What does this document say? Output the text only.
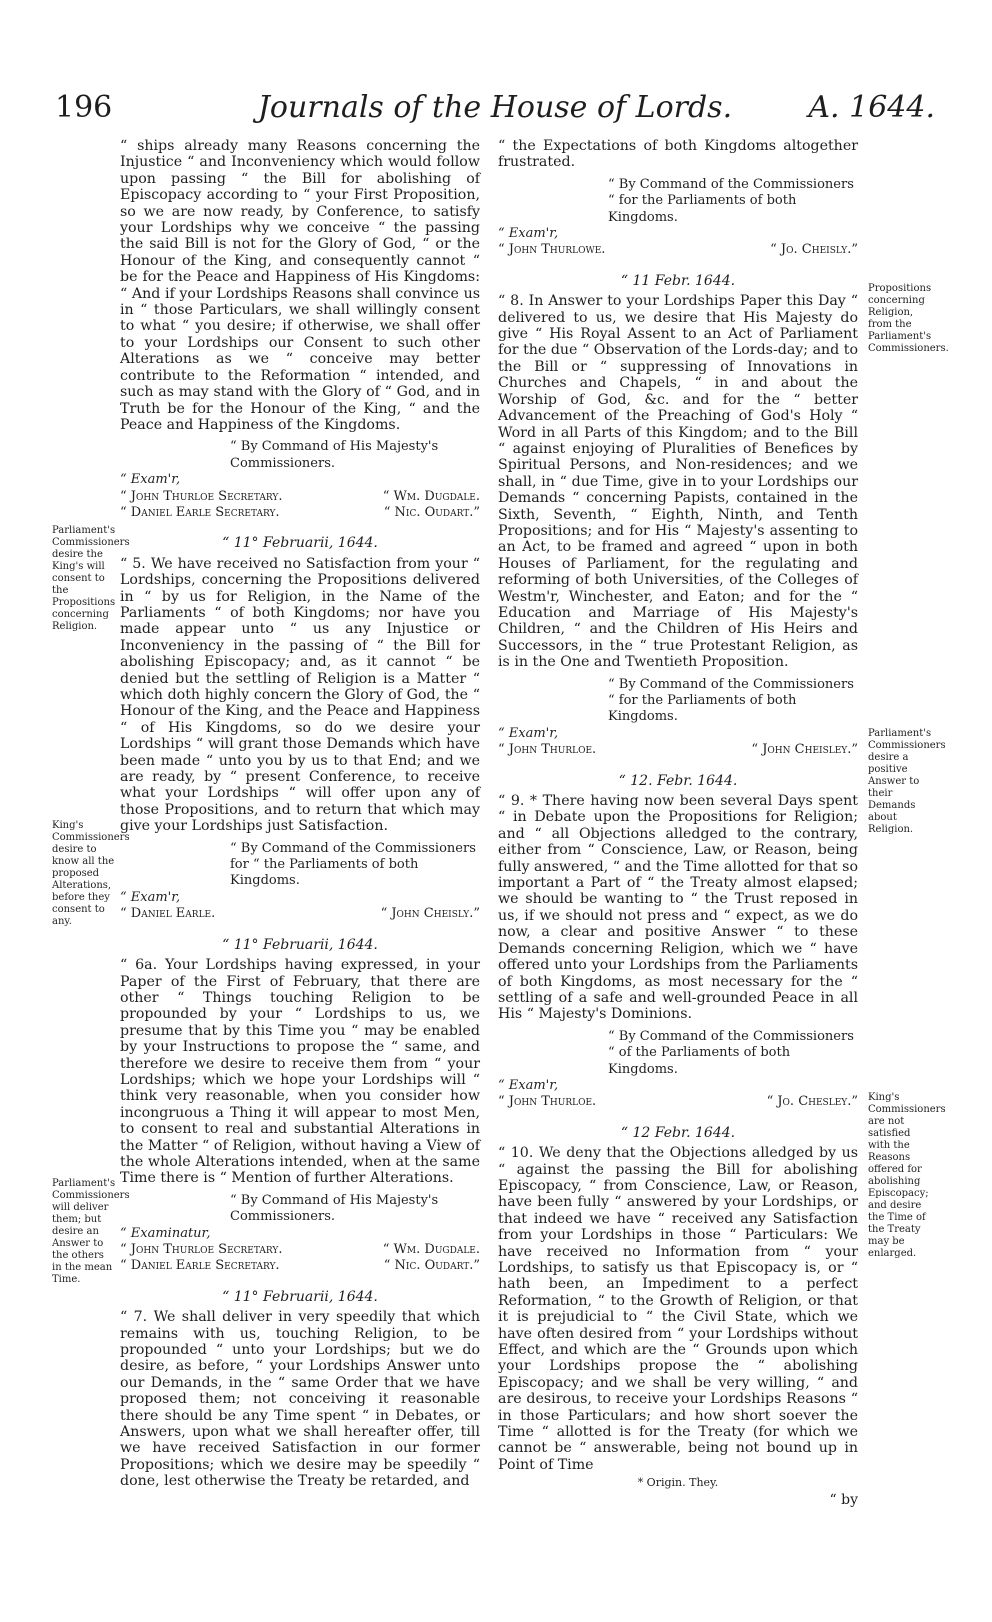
196	Journals of the House of Lords.	A. 1644.
Parliament's Commissioners desire the King's will consent to the Propositions concerning Religion.
King's Commissioners desire to know all the proposed Alterations, before they consent to any.
Parliament's Commissioners will deliver them; but desire an Answer to the others in the mean Time.
Propositions concerning Religion, from the Parliament's Commissioners.
Parliament's Commissioners desire a positive Answer to their Demands about Religion.
King's Commissioners are not satisfied with the Reasons offered for abolishing Episcopacy; and desire the Time of the Treaty may be enlarged.

“ ships already many Reasons concerning the Injustice “ and Inconveniency which would follow upon passing “ the Bill for abolishing of Episcopacy according to “ your First Proposition, so we are now ready, by Conference, to satisfy your Lordships why we conceive “ the passing the said Bill is not for the Glory of God, “ or the Honour of the King, and consequently cannot “ be for the Peace and Happiness of His Kingdoms: “ And if your Lordships Reasons shall convince us in “ those Particulars, we shall willingly consent to what “ you desire; if otherwise, we shall offer to your Lordships our Consent to such other Alterations as we “ conceive may better contribute to the Reformation “ intended, and such as may stand with the Glory of “ God, and in Truth be for the Honour of the King, “ and the Peace and Happiness of the Kingdoms.

“ By Command of His Majesty's Commissioners.
“ Exam'r,
“ John Thurloe Secretary.	“ Wm. Dugdale.
“ Daniel Earle Secretary.	“ Nic. Oudart.”
“ 11° Februarii, 1644.

“ 5. We have received no Satisfaction from your “ Lordships, concerning the Propositions delivered in “ by us for Religion, in the Name of the Parliaments “ of both Kingdoms; nor have you made appear unto “ us any Injustice or Inconveniency in the passing of “ the Bill for abolishing Episcopacy; and, as it cannot “ be denied but the settling of Religion is a Matter “ which doth highly concern the Glory of God, the “ Honour of the King, and the Peace and Happiness “ of His Kingdoms, so do we desire your Lordships “ will grant those Demands which have been made “ unto you by us to that End; and we are ready, by “ present Conference, to receive what your Lordships “ will offer upon any of those Propositions, and to return that which may give your Lordships just Satisfaction.

“ By Command of the Commissioners for “ the Parliaments of both Kingdoms.
“ Exam'r,
“ Daniel Earle.	“ John Cheisly.”
“ 11° Februarii, 1644.

“ 6a. Your Lordships having expressed, in your Paper of the First of February, that there are other “ Things touching Religion to be propounded by your “ Lordships to us, we presume that by this Time you “ may be enabled by your Instructions to propose the “ same, and therefore we desire to receive them from “ your Lordships; which we hope your Lordships will “ think very reasonable, when you consider how incongruous a Thing it will appear to most Men, to consent to real and substantial Alterations in the Matter “ of Religion, without having a View of the whole Alterations intended, when at the same Time there is “ Mention of further Alterations.

“ By Command of His Majesty's Commissioners.
“ Examinatur,
“ John Thurloe Secretary.	“ Wm. Dugdale.
“ Daniel Earle Secretary.	“ Nic. Oudart.”
“ 11° Februarii, 1644.

“ 7. We shall deliver in very speedily that which remains with us, touching Religion, to be propounded “ unto your Lordships; but we do desire, as before, “ your Lordships Answer unto our Demands, in the “ same Order that we have proposed them; not conceiving it reasonable there should be any Time spent “ in Debates, or Answers, upon what we shall hereafter offer, till we have received Satisfaction in our former Propositions; which we desire may be speedily “ done, lest otherwise the Treaty be retarded, and

“ the Expectations of both Kingdoms altogether frustrated.

“ By Command of the Commissioners “ for the Parliaments of both Kingdoms.
“ Exam'r,
“ John Thurlowe.	“ Jo. Cheisly.”
“ 11 Febr. 1644.

“ 8. In Answer to your Lordships Paper this Day “ delivered to us, we desire that His Majesty do give “ His Royal Assent to an Act of Parliament for the due “ Observation of the Lords-day; and to the Bill or “ suppressing of Innovations in Churches and Chapels, “ in and about the Worship of God, &c. and for the “ better Advancement of the Preaching of God's Holy “ Word in all Parts of this Kingdom; and to the Bill “ against enjoying of Pluralities of Benefices by Spiritual Persons, and Non-residences; and we shall, in “ due Time, give in to your Lordships our Demands “ concerning Papists, contained in the Sixth, Seventh, “ Eighth, Ninth, and Tenth Propositions; and for His “ Majesty's assenting to an Act, to be framed and agreed “ upon in both Houses of Parliament, for the regulating and reforming of both Universities, of the Colleges of Westm'r, Winchester, and Eaton; and for the “ Education and Marriage of His Majesty's Children, “ and the Children of His Heirs and Successors, in the “ true Protestant Religion, as is in the One and Twentieth Proposition.

“ By Command of the Commissioners “ for the Parliaments of both Kingdoms.
“ Exam'r,
“ John Thurloe.	“ John Cheisley.”
“ 12. Febr. 1644.

“ 9. * There having now been several Days spent “ in Debate upon the Propositions for Religion; and “ all Objections alledged to the contrary, either from “ Conscience, Law, or Reason, being fully answered, “ and the Time allotted for that so important a Part of “ the Treaty almost elapsed; we should be wanting to “ the Trust reposed in us, if we should not press and “ expect, as we do now, a clear and positive Answer “ to these Demands concerning Religion, which we “ have offered unto your Lordships from the Parliaments of both Kingdoms, as most necessary for the “ settling of a safe and well-grounded Peace in all His “ Majesty's Dominions.

“ By Command of the Commissioners “ of the Parliaments of both Kingdoms.
“ Exam'r,
“ John Thurloe.	“ Jo. Chesley.”
“ 12 Febr. 1644.

“ 10. We deny that the Objections alledged by us “ against the passing the Bill for abolishing Episcopacy, “ from Conscience, Law, or Reason, have been fully “ answered by your Lordships, or that indeed we have “ received any Satisfaction from your Lordships in those “ Particulars: We have received no Information from “ your Lordships, to satisfy us that Episcopacy is, or “ hath been, an Impediment to a perfect Reformation, “ to the Growth of Religion, or that it is prejudicial to “ the Civil State, which we have often desired from “ your Lordships without Effect, and which are the “ Grounds upon which your Lordships propose the “ abolishing Episcopacy; and we shall be very willing, “ and are desirous, to receive your Lordships Reasons “ in those Particulars; and how short soever the Time “ allotted is for the Treaty (for which we cannot be “ answerable, being not bound up in Point of Time

* Origin. They.
“ by
